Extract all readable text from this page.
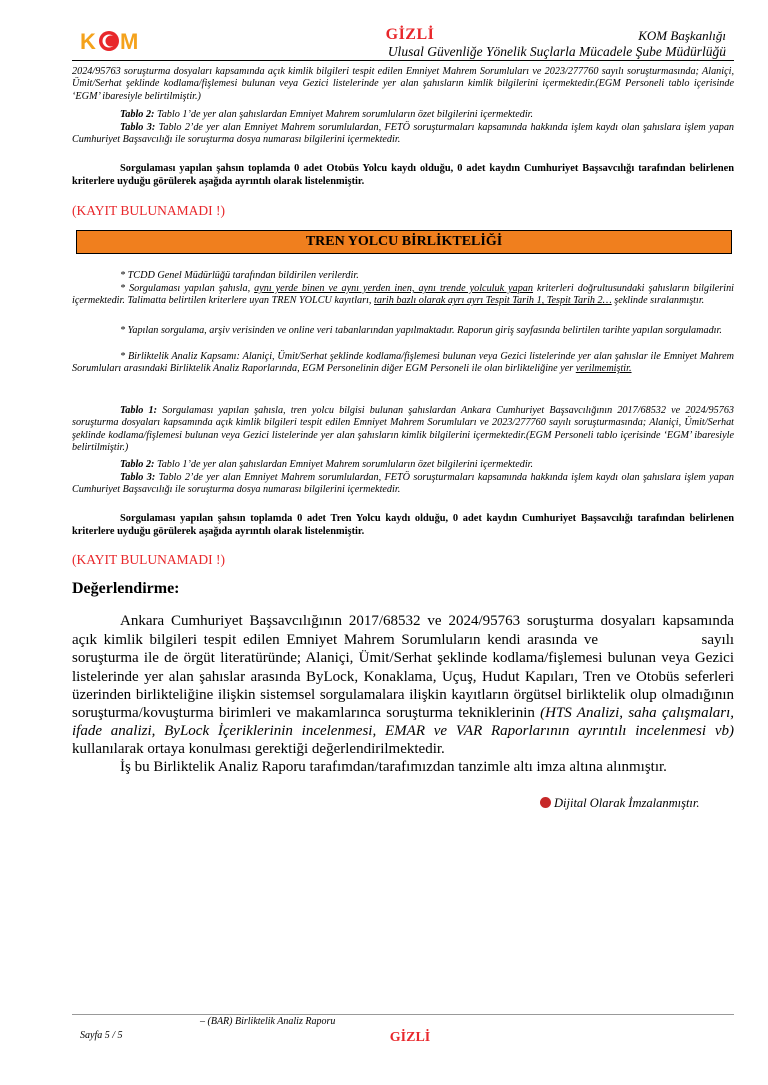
K M	GİZLİ	KOM Başkanlığı
Ulusal Güvenliğe Yönelik Suçlarla Mücadele Şube Müdürlüğü
2024/95763 soruşturma dosyaları kapsamında açık kimlik bilgileri tespit edilen Emniyet Mahrem Sorumluları ve 2023/277760 sayılı soruşturmasında; Alaniçi, Ümit/Serhat şeklinde kodlama/fişlemesi bulunan veya Gezici listelerinde yer alan şahısların kimlik bilgilerini içermektedir.(EGM Personeli tablo içerisinde ‘EGM’ ibaresiyle belirtilmiştir.)
Tablo 2: Tablo 1’de yer alan şahıslardan Emniyet Mahrem sorumluların özet bilgilerini içermektedir.
Tablo 3: Tablo 2’de yer alan Emniyet Mahrem sorumlulardan, FETÖ soruşturmaları kapsamında hakkında işlem kaydı olan şahıslara işlem yapan Cumhuriyet Başsavcılığı ile soruşturma dosya numarası bilgilerini içermektedir.
Sorgulaması yapılan şahsın toplamda 0 adet Otobüs Yolcu kaydı olduğu, 0 adet kaydın Cumhuriyet Başsavcılığı tarafından belirlenen kriterlere uyduğu görülerek aşağıda ayrıntılı olarak listelenmiştir.
(KAYIT BULUNAMADI !)
TREN YOLCU BİRLİKTELİĞİ
* TCDD Genel Müdürlüğü tarafından bildirilen verilerdir.
* Sorgulaması yapılan şahısla, aynı yerde binen ve aynı yerden inen, aynı trende yolculuk yapan kriterleri doğrultusundaki şahısların bilgilerini içermektedir. Talimatta belirtilen kriterlere uyan TREN YOLCU kayıtları, tarih bazlı olarak ayrı ayrı Tespit Tarih 1, Tespit Tarih 2… şeklinde sıralanmıştır.
* Yapılan sorgulama, arşiv verisinden ve online veri tabanlarından yapılmaktadır. Raporun giriş sayfasında belirtilen tarihte yapılan sorgulamadır.
* Birliktelik Analiz Kapsamı: Alaniçi, Ümit/Serhat şeklinde kodlama/fişlemesi bulunan veya Gezici listelerinde yer alan şahıslar ile Emniyet Mahrem Sorumluları arasındaki Birliktelik Analiz Raporlarında, EGM Personelinin diğer EGM Personeli ile olan birlikteliğine yer verilmemiştir.
Tablo 1: Sorgulaması yapılan şahısla, tren yolcu bilgisi bulunan şahıslardan Ankara Cumhuriyet Başsavcılığının 2017/68532 ve 2024/95763 soruşturma dosyaları kapsamında açık kimlik bilgileri tespit edilen Emniyet Mahrem Sorumluları ve 2023/277760 sayılı soruşturmasında; Alaniçi, Ümit/Serhat şeklinde kodlama/fişlemesi bulunan veya Gezici listelerinde yer alan şahısların kimlik bilgilerini içermektedir.(EGM Personeli tablo içerisinde ‘EGM’ ibaresiyle belirtilmiştir.)
Tablo 2: Tablo 1’de yer alan şahıslardan Emniyet Mahrem sorumluların özet bilgilerini içermektedir.
Tablo 3: Tablo 2’de yer alan Emniyet Mahrem sorumlulardan, FETÖ soruşturmaları kapsamında hakkında işlem kaydı olan şahıslara işlem yapan Cumhuriyet Başsavcılığı ile soruşturma dosya numarası bilgilerini içermektedir.
Sorgulaması yapılan şahsın toplamda 0 adet Tren Yolcu kaydı olduğu, 0 adet kaydın Cumhuriyet Başsavcılığı tarafından belirlenen kriterlere uyduğu görülerek aşağıda ayrıntılı olarak listelenmiştir.
(KAYIT BULUNAMADI !)
Değerlendirme:
Ankara Cumhuriyet Başsavcılığının 2017/68532 ve 2024/95763 soruşturma dosyaları kapsamında açık kimlik bilgileri tespit edilen Emniyet Mahrem Sorumluların kendi arasında ve	sayılı soruşturma ile de örgüt literatüründe; Alaniçi, Ümit/Serhat şeklinde kodlama/fişlemesi bulunan veya Gezici listelerinde yer alan şahıslar arasında ByLock, Konaklama, Uçuş, Hudut Kapıları, Tren ve Otobüs seferleri üzerinden birlikteliğine ilişkin sistemsel sorgulamalara ilişkin kayıtların örgütsel birliktelik olup olmadığının soruşturma/kovuşturma birimleri ve makamlarınca soruşturma tekniklerinin (HTS Analizi, saha çalışmaları, ifade analizi, ByLock İçeriklerinin incelenmesi, EMAR ve VAR Raporlarının ayrıntılı incelenmesi vb) kullanılarak ortaya konulması gerektiği değerlendirilmektedir.
İş bu Birliktelik Analiz Raporu tarafımdan/tarafımızdan tanzimle altı imza altına alınmıştır.
Dijital Olarak İmzalanmıştır.
– (BAR) Birliktelik Analiz Raporu
Sayfa 5 / 5	GİZLİ
